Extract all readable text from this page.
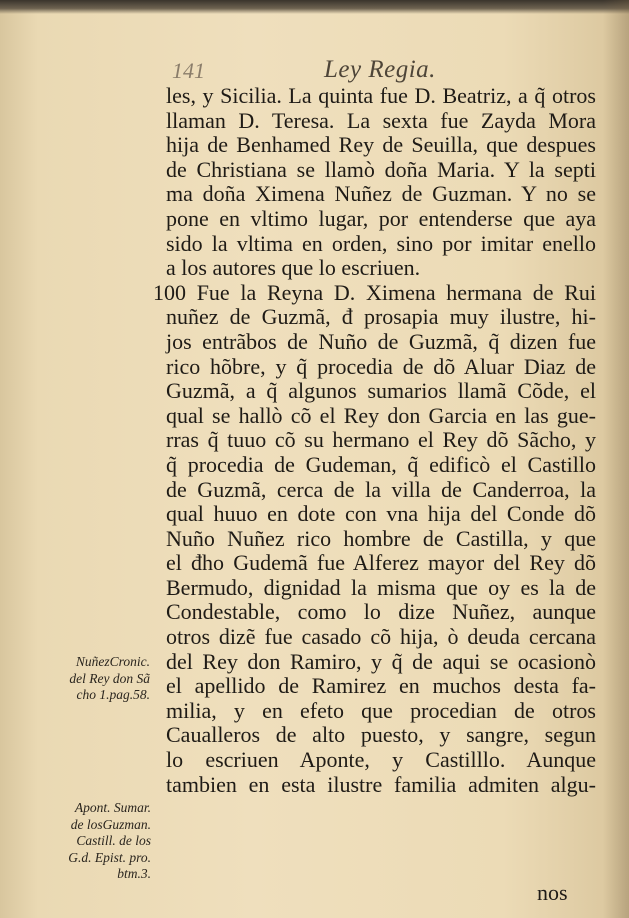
141	Ley Regia.
les, y Sicilia. La quinta fue D. Beatriz, a q̃ otros
llaman D. Teresa. La sexta fue Zayda Mora
hija de Benhamed Rey de Seuilla, que despues
de Christiana se llamò doña Maria. Y la septi
ma doña Ximena Nuñez de Guzman. Y no se
pone en vltimo lugar, por entenderse que aya
sido la vltima en orden, sino por imitar enello
a los autores que lo escriuen.
100 Fue la Reyna D. Ximena hermana de Rui
nuñez de Guzmã, đ prosapia muy ilustre, hi-
jos entrãbos de Nuño de Guzmã, q̃ dizen fue
rico hõbre, y q̃ procedia de dõ Aluar Diaz de
Guzmã, a q̃ algunos sumarios llamã Cõde, el
qual se hallò cõ el Rey don Garcia en las gue-
rras q̃ tuuo cõ su hermano el Rey dõ Sãcho, y
q̃ procedia de Gudeman, q̃ edificò el Castillo
de Guzmã, cerca de la villa de Canderroa, la
qual huuo en dote con vna hija del Conde dõ
Nuño Nuñez rico hombre de Castilla, y que
el đho Gudemã fue Alferez mayor del Rey dõ
Bermudo, dignidad la misma que oy es la de
Condestable, como lo dize Nuñez, aunque
otros dizẽ fue casado cõ hija, ò deuda cercana
del Rey don Ramiro, y q̃ de aqui se ocasionò
el apellido de Ramirez en muchos desta fa-
milia, y en efeto que procedian de otros
Caualleros de alto puesto, y sangre, segun
lo escriuen Aponte, y Castilllo. Aunque
tambien en esta ilustre familia admiten algu-
nos
NuñezCronic.
del Rey don Sã
cho 1.pag.58.
Apont. Sumar.
de losGuzman.
Castill. de los
G.d. Epist. pro.
btm.3.
